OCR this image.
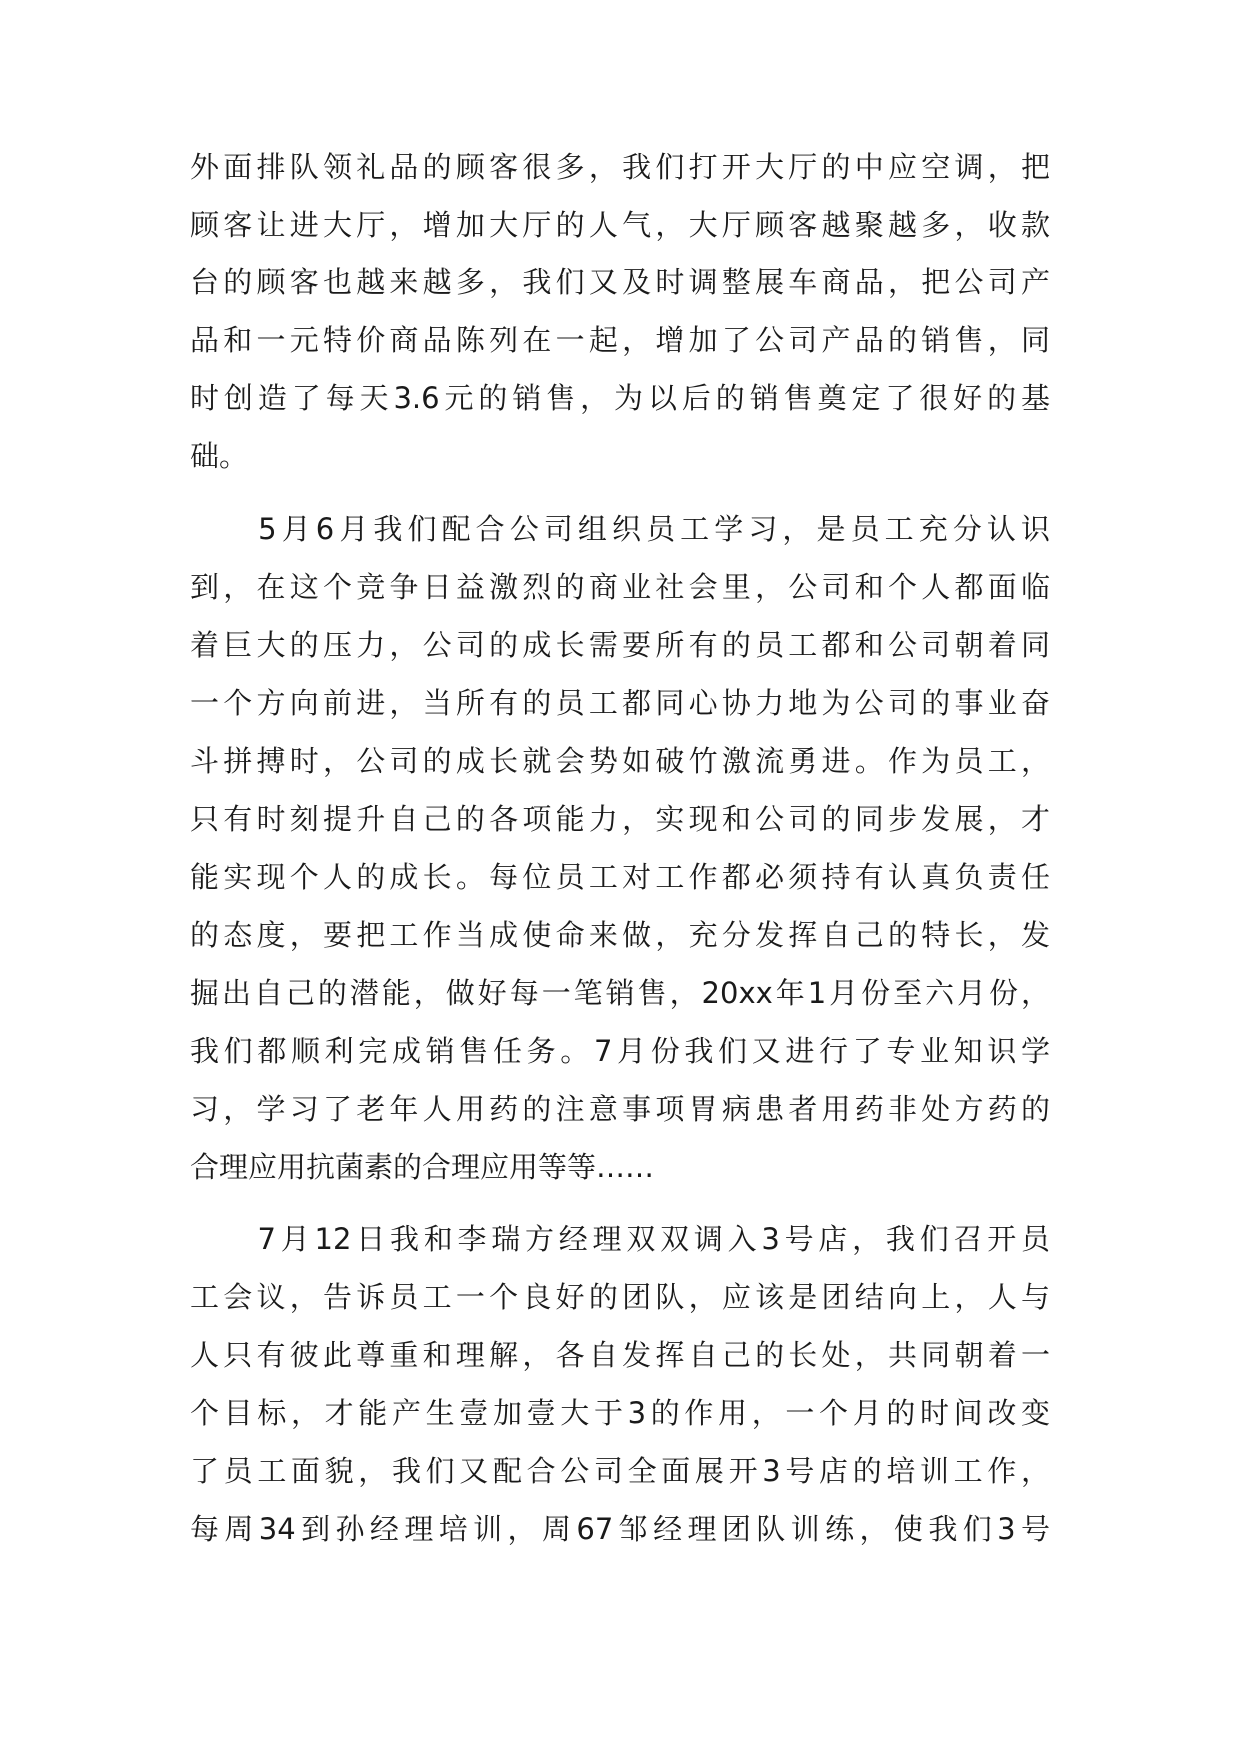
外面排队领礼品的顾客很多，我们打开大厅的中应空调，把
顾客让进大厅，增加大厅的人气，大厅顾客越聚越多，收款
台的顾客也越来越多，我们又及时调整展车商品，把公司产
品和一元特价商品陈列在一起，增加了公司产品的销售，同
时创造了每天3.6元的销售，为以后的销售奠定了很好的基
础。
　　5月6月我们配合公司组织员工学习，是员工充分认识
到，在这个竞争日益激烈的商业社会里，公司和个人都面临
着巨大的压力，公司的成长需要所有的员工都和公司朝着同
一个方向前进，当所有的员工都同心协力地为公司的事业奋
斗拼搏时，公司的成长就会势如破竹激流勇进。作为员工，
只有时刻提升自己的各项能力，实现和公司的同步发展，才
能实现个人的成长。每位员工对工作都必须持有认真负责任
的态度，要把工作当成使命来做，充分发挥自己的特长，发
掘出自己的潜能，做好每一笔销售，20xx年1月份至六月份，
我们都顺利完成销售任务。7月份我们又进行了专业知识学
习，学习了老年人用药的注意事项胃病患者用药非处方药的
合理应用抗菌素的合理应用等等……
　　7月12日我和李瑞方经理双双调入3号店，我们召开员
工会议，告诉员工一个良好的团队，应该是团结向上，人与
人只有彼此尊重和理解，各自发挥自己的长处，共同朝着一
个目标，才能产生壹加壹大于3的作用，一个月的时间改变
了员工面貌，我们又配合公司全面展开3号店的培训工作，
每周34到孙经理培训，周67邹经理团队训练，使我们3号
